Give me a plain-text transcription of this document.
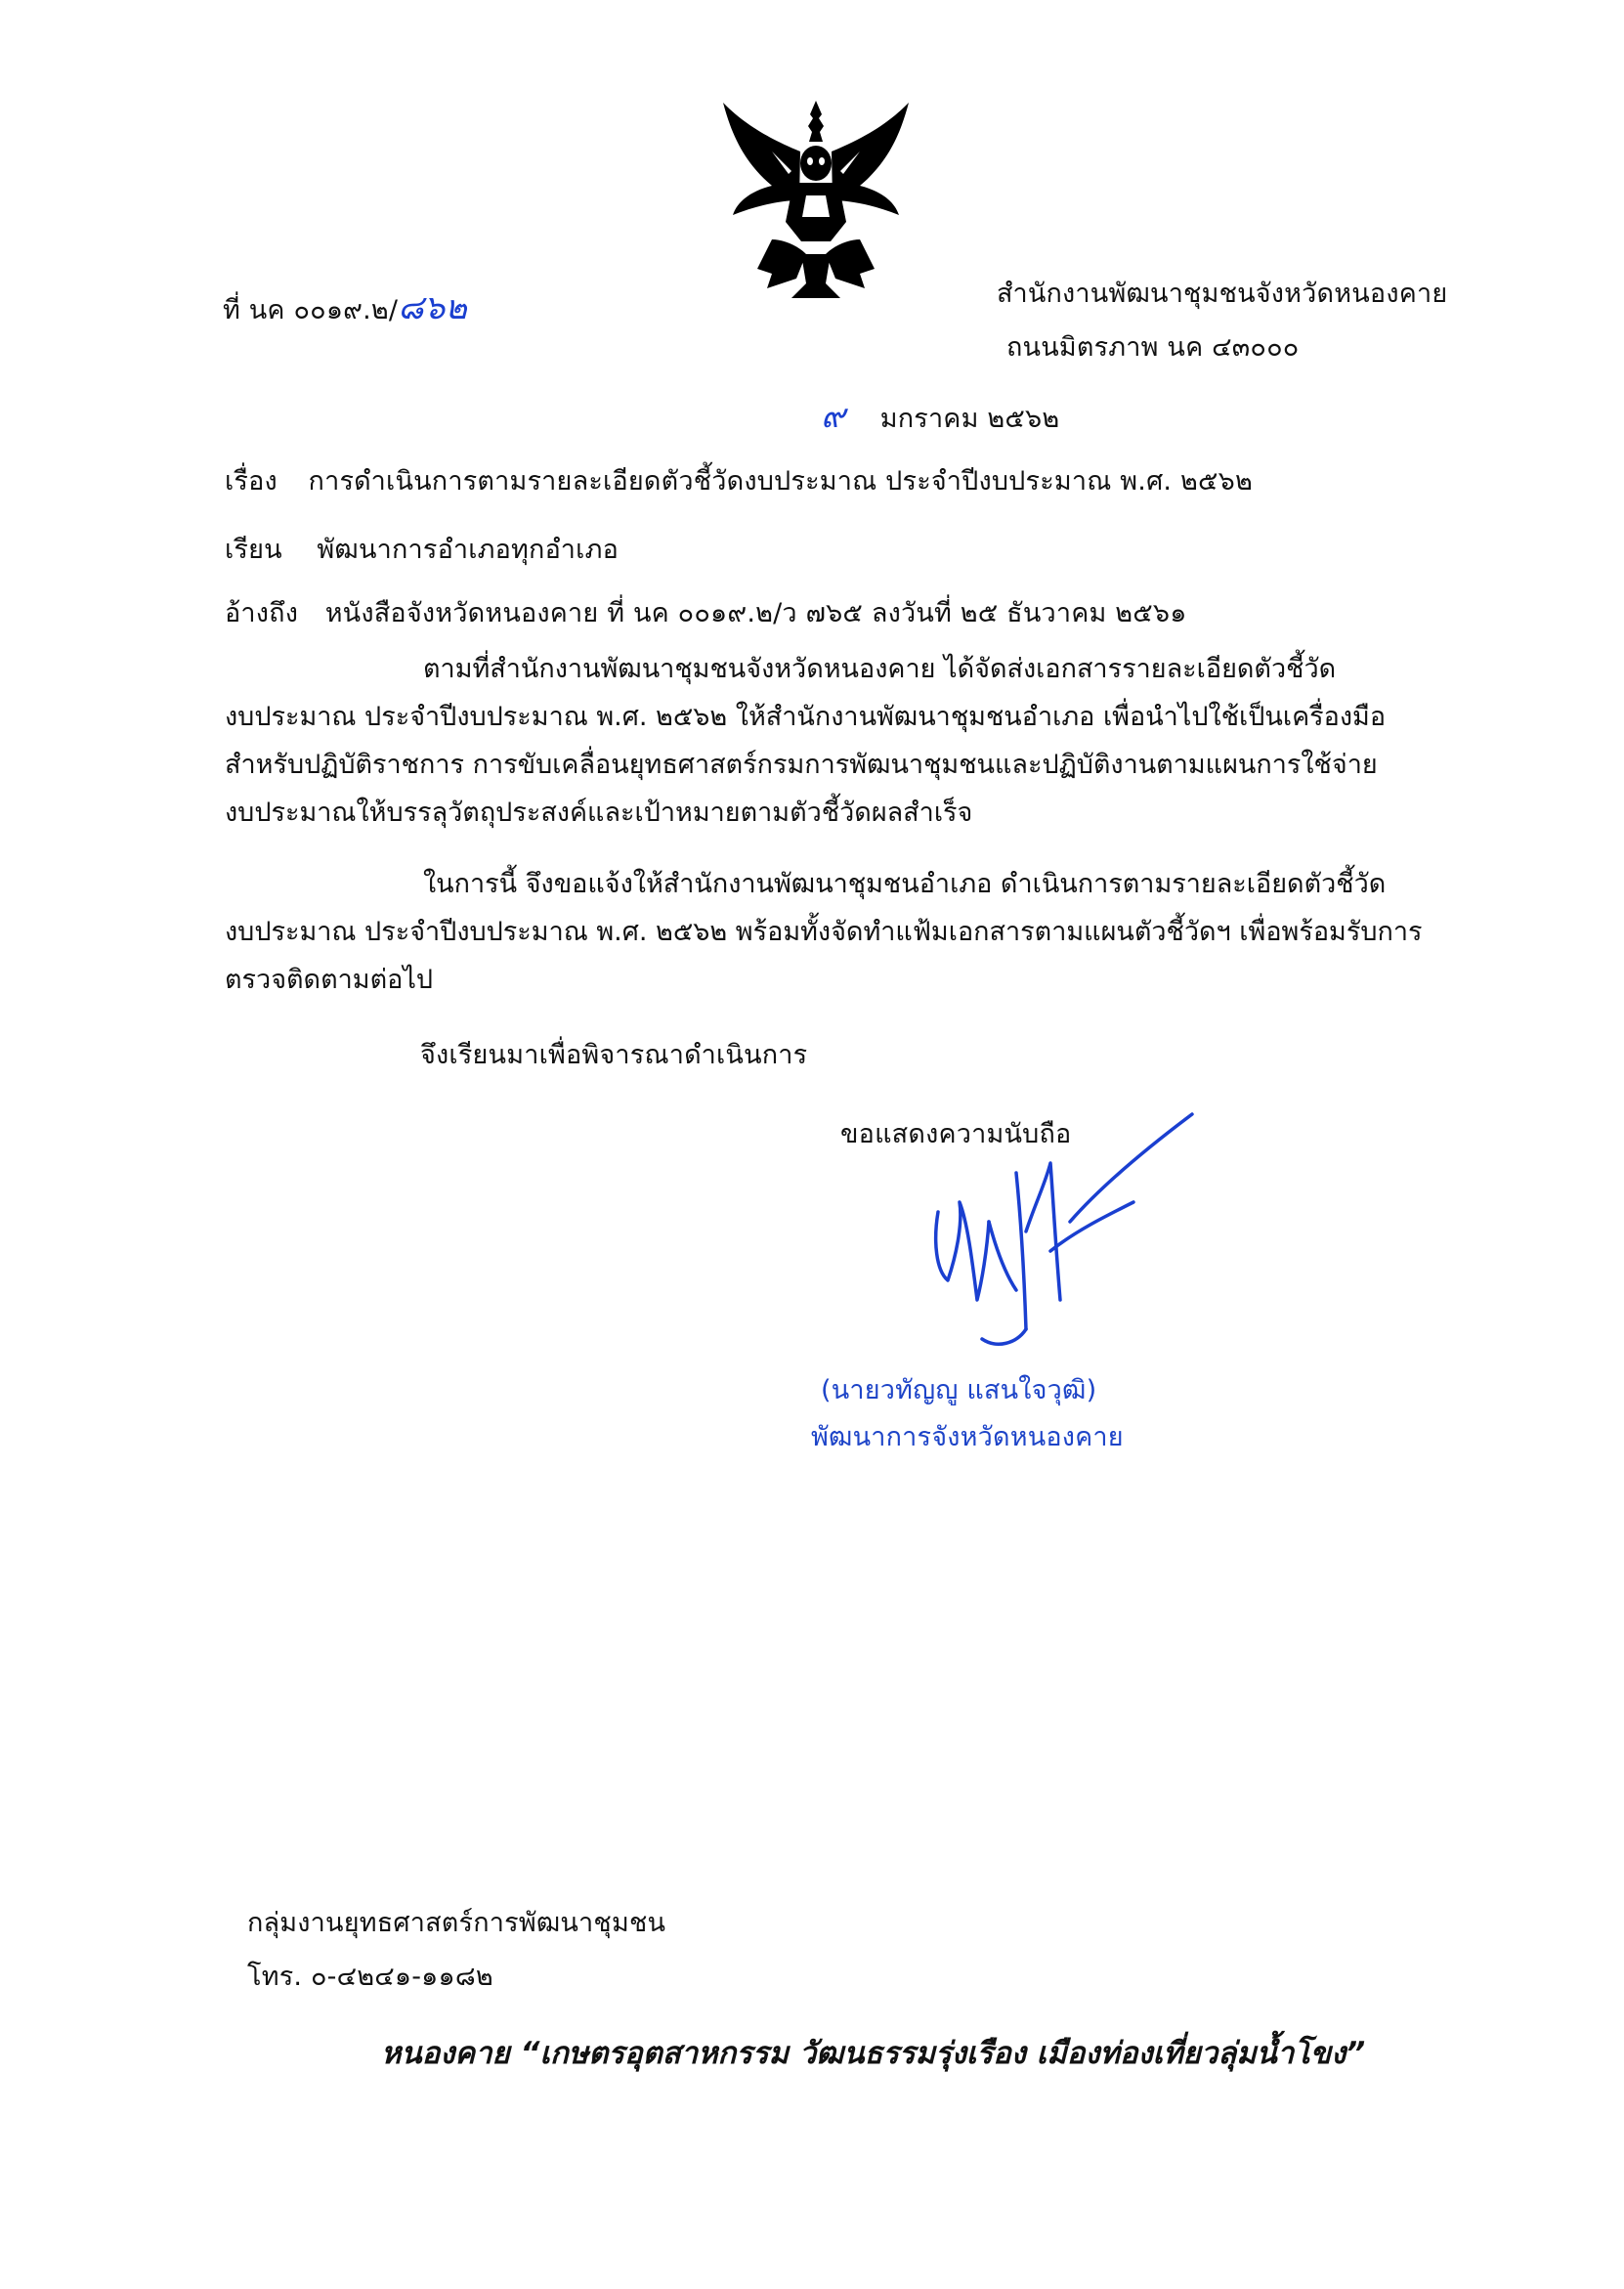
ที่ นค ๐๐๑๙.๒/๘๖๒	สำนักงานพัฒนาชุมชนจังหวัดหนองคาย
ถนนมิตรภาพ นค ๔๓๐๐๐
๙ มกราคม ๒๕๖๒
เรื่อง การดำเนินการตามรายละเอียดตัวชี้วัดงบประมาณ ประจำปีงบประมาณ พ.ศ. ๒๕๖๒
เรียน พัฒนาการอำเภอทุกอำเภอ
อ้างถึง หนังสือจังหวัดหนองคาย ที่ นค ๐๐๑๙.๒/ว ๗๖๕ ลงวันที่ ๒๕ ธันวาคม ๒๕๖๑
ตามที่สำนักงานพัฒนาชุมชนจังหวัดหนองคาย ได้จัดส่งเอกสารรายละเอียดตัวชี้วัด
งบประมาณ ประจำปีงบประมาณ พ.ศ. ๒๕๖๒ ให้สำนักงานพัฒนาชุมชนอำเภอ เพื่อนำไปใช้เป็นเครื่องมือ
สำหรับปฏิบัติราชการ การขับเคลื่อนยุทธศาสตร์กรมการพัฒนาชุมชนและปฏิบัติงานตามแผนการใช้จ่าย
งบประมาณให้บรรลุวัตถุประสงค์และเป้าหมายตามตัวชี้วัดผลสำเร็จ
ในการนี้ จึงขอแจ้งให้สำนักงานพัฒนาชุมชนอำเภอ ดำเนินการตามรายละเอียดตัวชี้วัด
งบประมาณ ประจำปีงบประมาณ พ.ศ. ๒๕๖๒ พร้อมทั้งจัดทำแฟ้มเอกสารตามแผนตัวชี้วัดฯ เพื่อพร้อมรับการ
ตรวจติดตามต่อไป
จึงเรียนมาเพื่อพิจารณาดำเนินการ
ขอแสดงความนับถือ
(นายวทัญญู แสนใจวุฒิ)
พัฒนาการจังหวัดหนองคาย
กลุ่มงานยุทธศาสตร์การพัฒนาชุมชน
โทร. ๐-๔๒๔๑-๑๑๘๒
หนองคาย “เกษตรอุตสาหกรรม วัฒนธรรมรุ่งเรือง เมืองท่องเที่ยวลุ่มน้ำโขง”
